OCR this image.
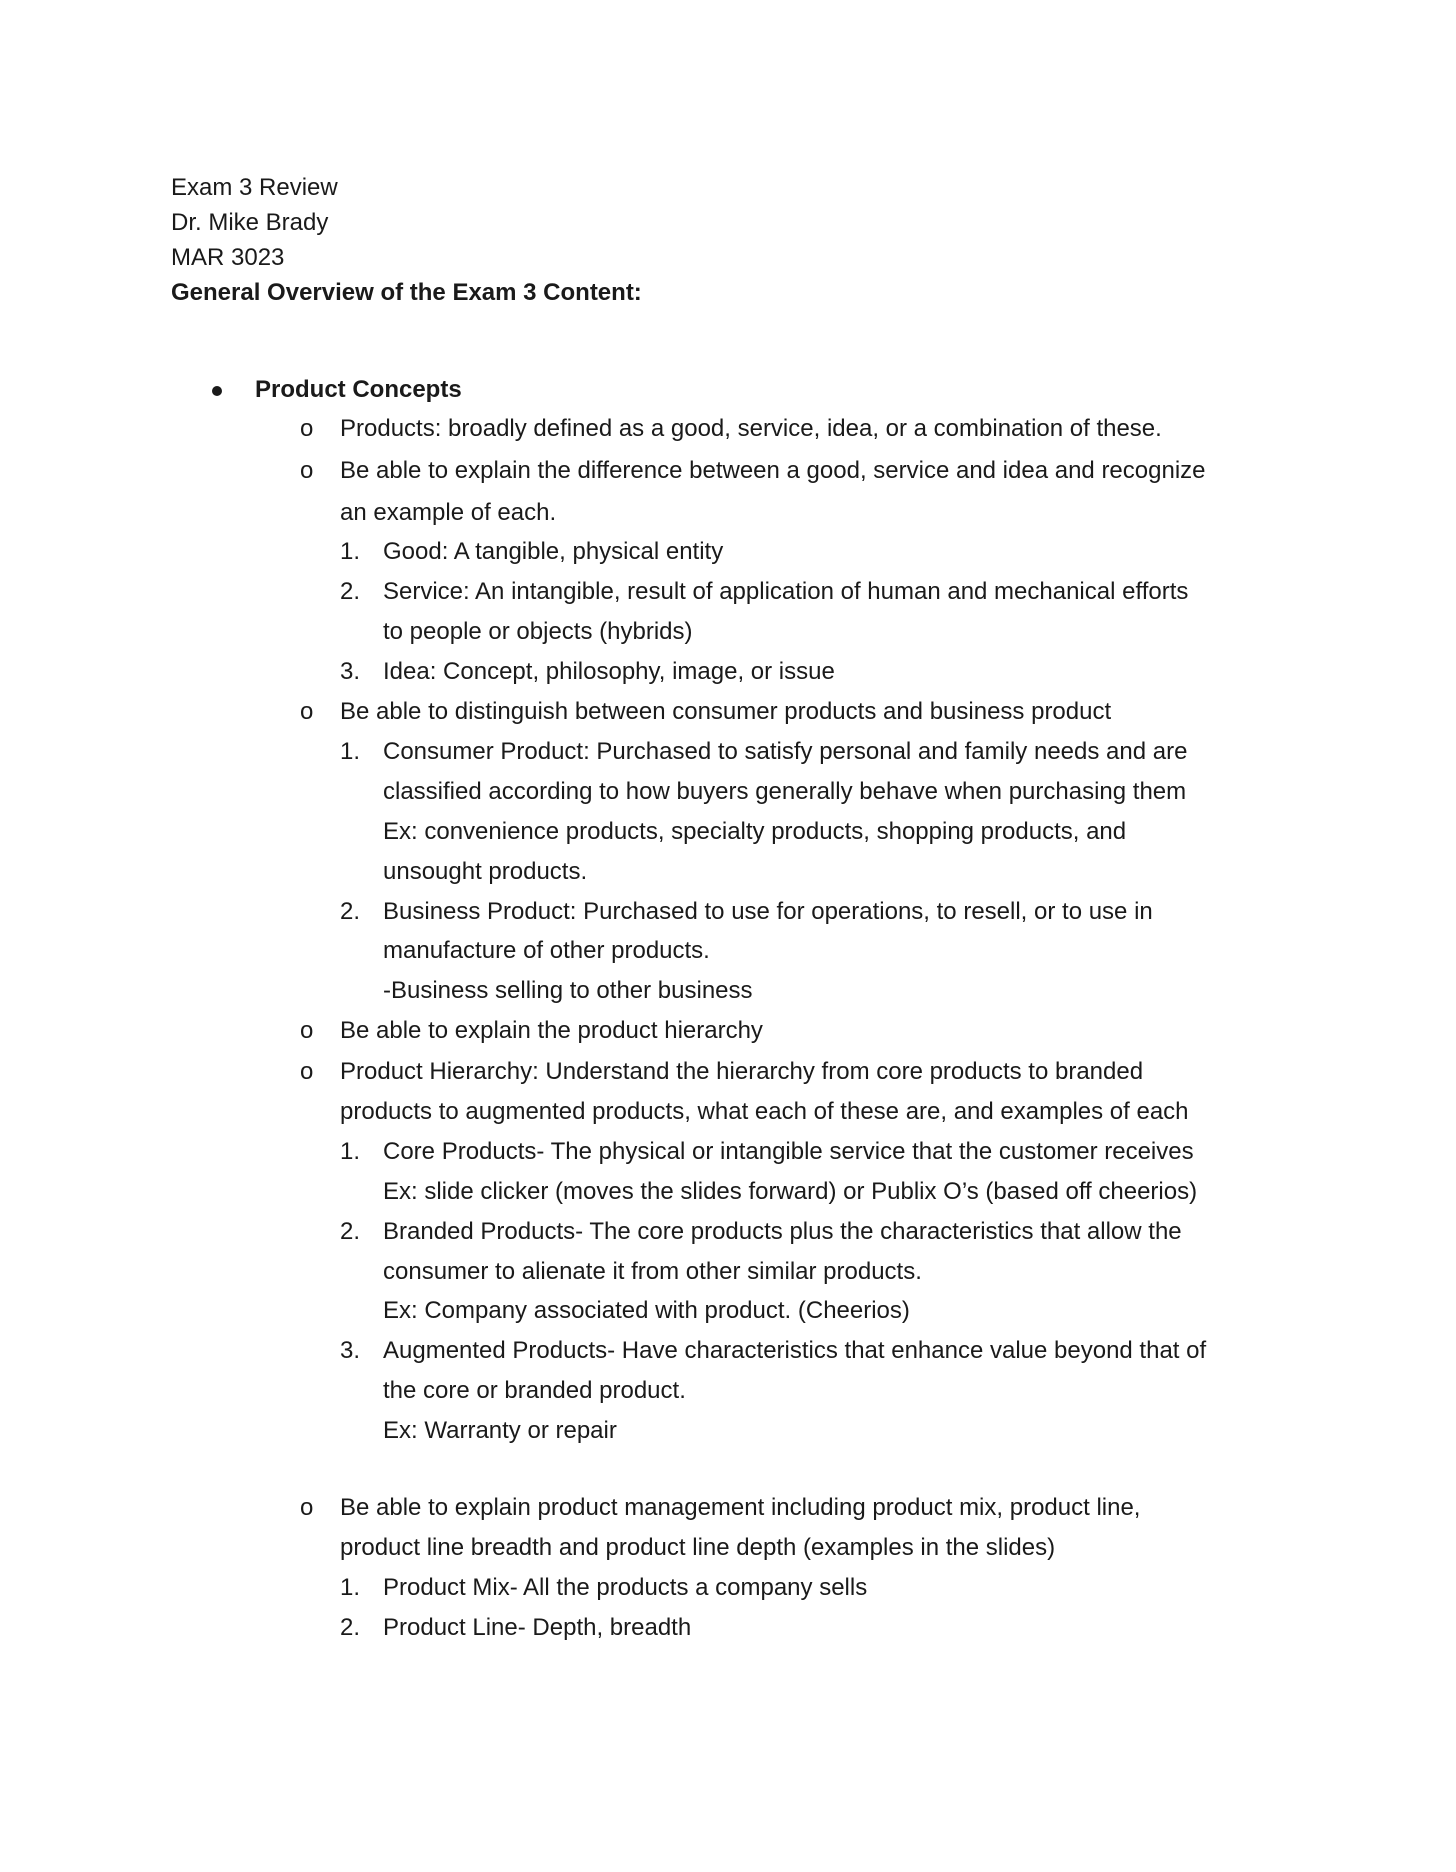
Exam 3 Review
Dr. Mike Brady
MAR 3023
General Overview of the Exam 3 Content:
Product Concepts
o Products: broadly defined as a good, service, idea, or a combination of these.
o Be able to explain the difference between a good, service and idea and recognize
an example of each.
1. Good: A tangible, physical entity
2. Service: An intangible, result of application of human and mechanical efforts
to people or objects (hybrids)
3. Idea: Concept, philosophy, image, or issue
o Be able to distinguish between consumer products and business product
1. Consumer Product: Purchased to satisfy personal and family needs and are
classified according to how buyers generally behave when purchasing them
Ex: convenience products, specialty products, shopping products, and
unsought products.
2. Business Product: Purchased to use for operations, to resell, or to use in
manufacture of other products.
-Business selling to other business
o Be able to explain the product hierarchy
o Product Hierarchy: Understand the hierarchy from core products to branded
products to augmented products, what each of these are, and examples of each
1. Core Products- The physical or intangible service that the customer receives
Ex: slide clicker (moves the slides forward) or Publix O’s (based off cheerios)
2. Branded Products- The core products plus the characteristics that allow the
consumer to alienate it from other similar products.
Ex: Company associated with product. (Cheerios)
3. Augmented Products- Have characteristics that enhance value beyond that of
the core or branded product.
Ex: Warranty or repair
o Be able to explain product management including product mix, product line,
product line breadth and product line depth (examples in the slides)
1. Product Mix- All the products a company sells
2. Product Line- Depth, breadth
